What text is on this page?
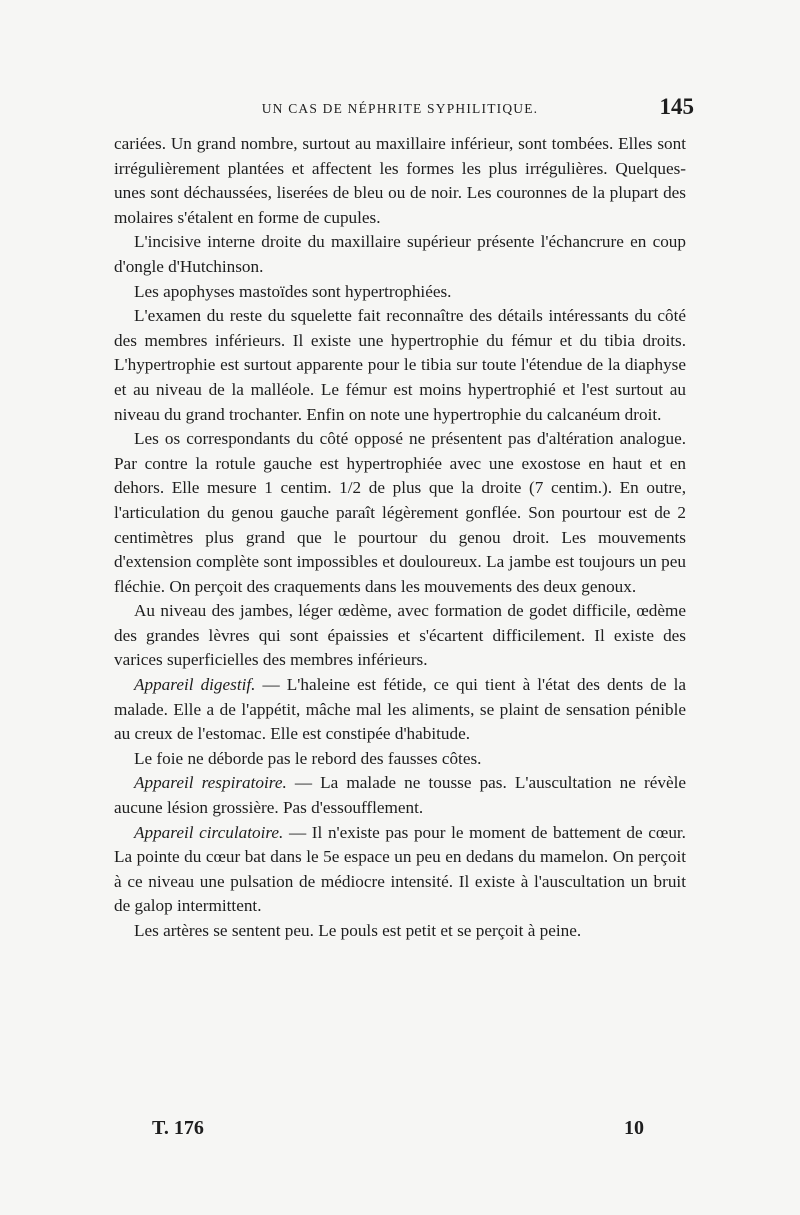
UN CAS DE NÉPHRITE SYPHILITIQUE.	145

cariées. Un grand nombre, surtout au maxillaire inférieur, sont tombées. Elles sont irrégulièrement plantées et affectent les formes les plus irrégulières. Quelques-unes sont déchaussées, liserées de bleu ou de noir. Les couronnes de la plupart des molaires s'étalent en forme de cupules.

L'incisive interne droite du maxillaire supérieur présente l'échancrure en coup d'ongle d'Hutchinson.

Les apophyses mastoïdes sont hypertrophiées.

L'examen du reste du squelette fait reconnaître des détails intéressants du côté des membres inférieurs. Il existe une hypertrophie du fémur et du tibia droits. L'hypertrophie est surtout apparente pour le tibia sur toute l'étendue de la diaphyse et au niveau de la malléole. Le fémur est moins hypertrophié et l'est surtout au niveau du grand trochanter. Enfin on note une hypertrophie du calcanéum droit.

Les os correspondants du côté opposé ne présentent pas d'altération analogue. Par contre la rotule gauche est hypertrophiée avec une exostose en haut et en dehors. Elle mesure 1 centim. 1/2 de plus que la droite (7 centim.). En outre, l'articulation du genou gauche paraît légèrement gonflée. Son pourtour est de 2 centimètres plus grand que le pourtour du genou droit. Les mouvements d'extension complète sont impossibles et douloureux. La jambe est toujours un peu fléchie. On perçoit des craquements dans les mouvements des deux genoux.

Au niveau des jambes, léger œdème, avec formation de godet difficile, œdème des grandes lèvres qui sont épaissies et s'écartent difficilement. Il existe des varices superficielles des membres inférieurs.

Appareil digestif. — L'haleine est fétide, ce qui tient à l'état des dents de la malade. Elle a de l'appétit, mâche mal les aliments, se plaint de sensation pénible au creux de l'estomac. Elle est constipée d'habitude.

Le foie ne déborde pas le rebord des fausses côtes.

Appareil respiratoire. — La malade ne tousse pas. L'auscultation ne révèle aucune lésion grossière. Pas d'essoufflement.

Appareil circulatoire. — Il n'existe pas pour le moment de battement de cœur. La pointe du cœur bat dans le 5e espace un peu en dedans du mamelon. On perçoit à ce niveau une pulsation de médiocre intensité. Il existe à l'auscultation un bruit de galop intermittent.

Les artères se sentent peu. Le pouls est petit et se perçoit à peine.

T. 176	10
